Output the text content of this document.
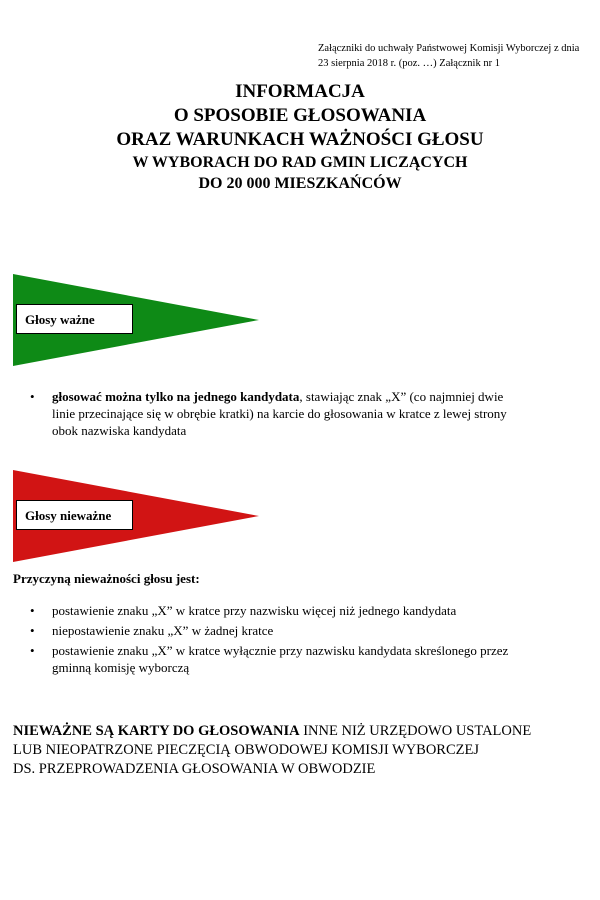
Załączniki do uchwały Państwowej Komisji Wyborczej z dnia
23 sierpnia 2018 r. (poz. …) Załącznik nr 1
INFORMACJA
O SPOSOBIE GŁOSOWANIA
ORAZ WARUNKACH WAŻNOŚCI GŁOSU
W WYBORACH DO RAD GMIN LICZĄCYCH
DO 20 000 MIESZKAŃCÓW
Głosy ważne
• głosować można tylko na jednego kandydata, stawiając znak „X” (co najmniej dwie
linie przecinające się w obrębie kratki) na karcie do głosowania w kratce z lewej strony
obok nazwiska kandydata
Głosy nieważne

Przyczyną nieważności głosu jest:

• postawienie znaku „X” w kratce przy nazwisku więcej niż jednego kandydata
• niepostawienie znaku „X” w żadnej kratce
• postawienie znaku „X” w kratce wyłącznie przy nazwisku kandydata skreślonego przez
gminną komisję wyborczą
NIEWAŻNE SĄ KARTY DO GŁOSOWANIA INNE NIŻ URZĘDOWO USTALONE
LUB NIEOPATRZONE PIECZĘCIĄ OBWODOWEJ KOMISJI WYBORCZEJ
DS. PRZEPROWADZENIA GŁOSOWANIA W OBWODZIE
